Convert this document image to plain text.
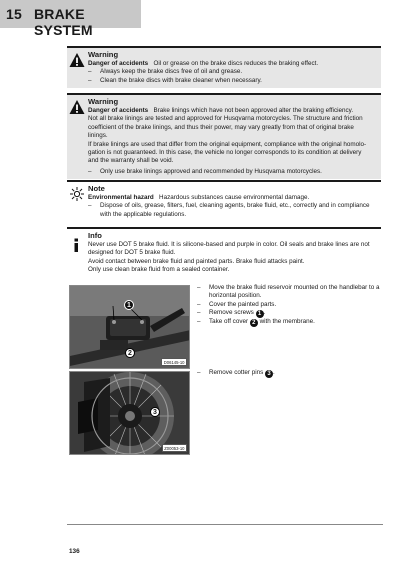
15 BRAKE SYSTEM
Warning
Danger of accidents Oil or grease on the brake discs reduces the braking effect.
–	Always keep the brake discs free of oil and grease.
–	Clean the brake discs with brake cleaner when necessary.
Warning
Danger of accidents Brake linings which have not been approved alter the braking efficiency.
Not all brake linings are tested and approved for Husqvarna motorcycles. The structure and friction
coefficient of the brake linings, and thus their power, may vary greatly from that of original brake
linings.
If brake linings are used that differ from the original equipment, compliance with the original homolo-
gation is not guaranteed. In this case, the vehicle no longer corresponds to its condition at delivery
and the warranty shall be void.
–	Only use brake linings approved and recommended by Husqvarna motorcycles.
Note
Environmental hazard Hazardous substances cause environmental damage.
–	Dispose of oils, grease, filters, fuel, cleaning agents, brake fluid, etc., correctly and in compliance
with the applicable regulations.
Info
Never use DOT 5 brake fluid. It is silicone-based and purple in color. Oil seals and brake lines are not
designed for DOT 5 brake fluid.
Avoid contact between brake fluid and painted parts. Brake fluid attacks paint.
Only use clean brake fluid from a sealed container.
1
2
D06145-10
3
Z00053-10
–	Move the brake fluid reservoir mounted on the handlebar to a
horizontal position.
–	Cover the painted parts.
–	Remove screws 1 .
–	Take off cover 2 with the membrane.
–	Remove cotter pins 3 .
136
